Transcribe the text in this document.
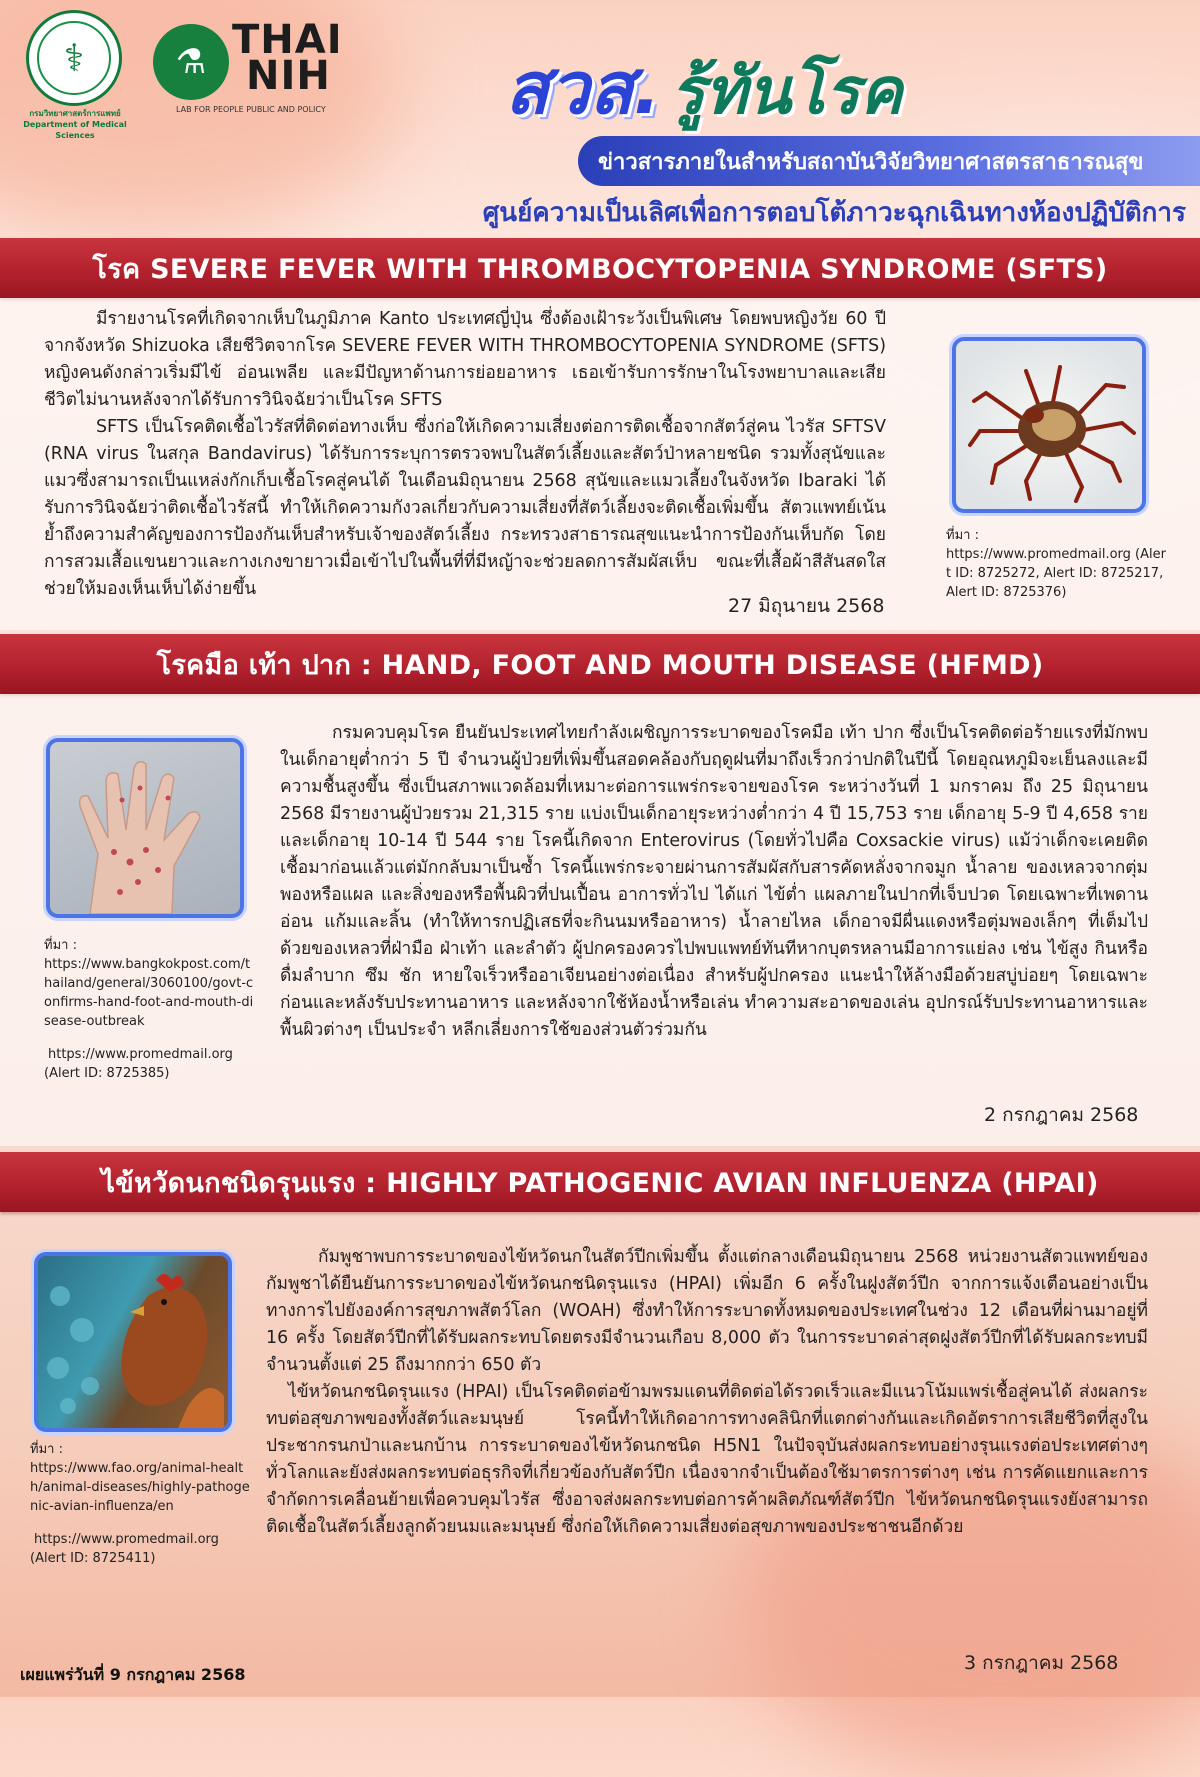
⚕
กรมวิทยาศาสตร์การแพทย์
Department of Medical Sciences
⚗ THAI
NIH
LAB FOR PEOPLE PUBLIC AND POLICY สวส. รู้ทันโรค
ข่าวสารภายในสำหรับสถาบันวิจัยวิทยาศาสตรสาธารณสุข
ศูนย์ความเป็นเลิศเพื่อการตอบโต้ภาวะฉุกเฉินทางห้องปฏิบัติการ
โรค SEVERE FEVER WITH THROMBOCYTOPENIA SYNDROME (SFTS)

มีรายงานโรคที่เกิดจากเห็บในภูมิภาค Kanto ประเทศญี่ปุ่น ซึ่งต้องเฝ้าระวังเป็นพิเศษ โดยพบหญิงวัย 60 ปี จากจังหวัด Shizuoka เสียชีวิตจากโรค SEVERE FEVER WITH THROMBOCYTOPENIA SYNDROME (SFTS) หญิงคนดังกล่าวเริ่มมีไข้ อ่อนเพลีย และมีปัญหาด้านการย่อยอาหาร เธอเข้ารับการรักษาในโรงพยาบาลและเสียชีวิตไม่นานหลังจากได้รับการวินิจฉัยว่าเป็นโรค SFTS

SFTS เป็นโรคติดเชื้อไวรัสที่ติดต่อทางเห็บ ซึ่งก่อให้เกิดความเสี่ยงต่อการติดเชื้อจากสัตว์สู่คน ไวรัส SFTSV (RNA virus ในสกุล Bandavirus) ได้รับการระบุการตรวจพบในสัตว์เลี้ยงและสัตว์ป่าหลายชนิด รวมทั้งสุนัขและแมวซึ่งสามารถเป็นแหล่งกักเก็บเชื้อโรคสู่คนได้ ในเดือนมิถุนายน 2568 สุนัขและแมวเลี้ยงในจังหวัด Ibaraki ได้รับการวินิจฉัยว่าติดเชื้อไวรัสนี้ ทำให้เกิดความกังวลเกี่ยวกับความเสี่ยงที่สัตว์เลี้ยงจะติดเชื้อเพิ่มขึ้น สัตวแพทย์เน้นย้ำถึงความสำคัญของการป้องกันเห็บสำหรับเจ้าของสัตว์เลี้ยง กระทรวงสาธารณสุขแนะนำการป้องกันเห็บกัด โดยการสวมเสื้อแขนยาวและกางเกงขายาวเมื่อเข้าไปในพื้นที่ที่มีหญ้าจะช่วยลดการสัมผัสเห็บ ขณะที่เสื้อผ้าสีสันสดใสช่วยให้มองเห็นเห็บได้ง่ายขึ้น

27 มิถุนายน 2568
ที่มา :
https://www.promedmail.org (Alert ID: 8725272, Alert ID: 8725217, Alert ID: 8725376)
โรคมือ เท้า ปาก : HAND, FOOT AND MOUTH DISEASE (HFMD)
ที่มา :
https://www.bangkokpost.com/thailand/general/3060100/govt-confirms-hand-foot-and-mouth-disease-outbreak
https://www.promedmail.org
(Alert ID: 8725385)

กรมควบคุมโรค ยืนยันประเทศไทยกำลังเผชิญการระบาดของโรคมือ เท้า ปาก ซึ่งเป็นโรคติดต่อร้ายแรงที่มักพบในเด็กอายุต่ำกว่า 5 ปี จำนวนผู้ป่วยที่เพิ่มขึ้นสอดคล้องกับฤดูฝนที่มาถึงเร็วกว่าปกติในปีนี้ โดยอุณหภูมิจะเย็นลงและมีความชื้นสูงขึ้น ซึ่งเป็นสภาพแวดล้อมที่เหมาะต่อการแพร่กระจายของโรค ระหว่างวันที่ 1 มกราคม ถึง 25 มิถุนายน 2568 มีรายงานผู้ป่วยรวม 21,315 ราย แบ่งเป็นเด็กอายุระหว่างต่ำกว่า 4 ปี 15,753 ราย เด็กอายุ 5-9 ปี 4,658 ราย และเด็กอายุ 10-14 ปี 544 ราย โรคนี้เกิดจาก Enterovirus (โดยทั่วไปคือ Coxsackie virus) แม้ว่าเด็กจะเคยติดเชื้อมาก่อนแล้วแต่มักกลับมาเป็นซ้ำ โรคนี้แพร่กระจายผ่านการสัมผัสกับสารคัดหลั่งจากจมูก น้ำลาย ของเหลวจากตุ่มพองหรือแผล และสิ่งของหรือพื้นผิวที่ปนเปื้อน อาการทั่วไป ได้แก่ ไข้ต่ำ แผลภายในปากที่เจ็บปวด โดยเฉพาะที่เพดานอ่อน แก้มและลิ้น (ทำให้ทารกปฏิเสธที่จะกินนมหรืออาหาร) น้ำลายไหล เด็กอาจมีผื่นแดงหรือตุ่มพองเล็กๆ ที่เต็มไปด้วยของเหลวที่ฝ่ามือ ฝ่าเท้า และลำตัว ผู้ปกครองควรไปพบแพทย์ทันทีหากบุตรหลานมีอาการแย่ลง เช่น ไข้สูง กินหรือดื่มลำบาก ซึม ชัก หายใจเร็วหรืออาเจียนอย่างต่อเนื่อง สำหรับผู้ปกครอง แนะนำให้ล้างมือด้วยสบู่บ่อยๆ โดยเฉพาะก่อนและหลังรับประทานอาหาร และหลังจากใช้ห้องน้ำหรือเล่น ทำความสะอาดของเล่น อุปกรณ์รับประทานอาหารและพื้นผิวต่างๆ เป็นประจำ หลีกเลี่ยงการใช้ของส่วนตัวร่วมกัน

2 กรกฎาคม 2568
ไข้หวัดนกชนิดรุนแรง : HIGHLY PATHOGENIC AVIAN INFLUENZA (HPAI)
ที่มา :
https://www.fao.org/animal-health/animal-diseases/highly-pathogenic-avian-influenza/en
https://www.promedmail.org
(Alert ID: 8725411)

กัมพูชาพบการระบาดของไข้หวัดนกในสัตว์ปีกเพิ่มขึ้น ตั้งแต่กลางเดือนมิถุนายน 2568 หน่วยงานสัตวแพทย์ของกัมพูชาได้ยืนยันการระบาดของไข้หวัดนกชนิดรุนแรง (HPAI) เพิ่มอีก 6 ครั้งในฝูงสัตว์ปีก จากการแจ้งเตือนอย่างเป็นทางการไปยังองค์การสุขภาพสัตว์โลก (WOAH) ซึ่งทำให้การระบาดทั้งหมดของประเทศในช่วง 12 เดือนที่ผ่านมาอยู่ที่ 16 ครั้ง โดยสัตว์ปีกที่ได้รับผลกระทบโดยตรงมีจำนวนเกือบ 8,000 ตัว ในการระบาดล่าสุดฝูงสัตว์ปีกที่ได้รับผลกระทบมีจำนวนตั้งแต่ 25 ถึงมากกว่า 650 ตัว

ไข้หวัดนกชนิดรุนแรง (HPAI) เป็นโรคติดต่อข้ามพรมแดนที่ติดต่อได้รวดเร็วและมีแนวโน้มแพร่เชื้อสู่คนได้ ส่งผลกระทบต่อสุขภาพของทั้งสัตว์และมนุษย์ โรคนี้ทำให้เกิดอาการทางคลินิกที่แตกต่างกันและเกิดอัตราการเสียชีวิตที่สูงในประชากรนกป่าและนกบ้าน การระบาดของไข้หวัดนกชนิด H5N1 ในปัจจุบันส่งผลกระทบอย่างรุนแรงต่อประเทศต่างๆทั่วโลกและยังส่งผลกระทบต่อธุรกิจที่เกี่ยวข้องกับสัตว์ปีก เนื่องจากจำเป็นต้องใช้มาตรการต่างๆ เช่น การคัดแยกและการจำกัดการเคลื่อนย้ายเพื่อควบคุมไวรัส ซึ่งอาจส่งผลกระทบต่อการค้าผลิตภัณฑ์สัตว์ปีก ไข้หวัดนกชนิดรุนแรงยังสามารถติดเชื้อในสัตว์เลี้ยงลูกด้วยนมและมนุษย์ ซึ่งก่อให้เกิดความเสี่ยงต่อสุขภาพของประชาชนอีกด้วย

3 กรกฎาคม 2568
เผยแพร่วันที่ 9 กรกฎาคม 2568
